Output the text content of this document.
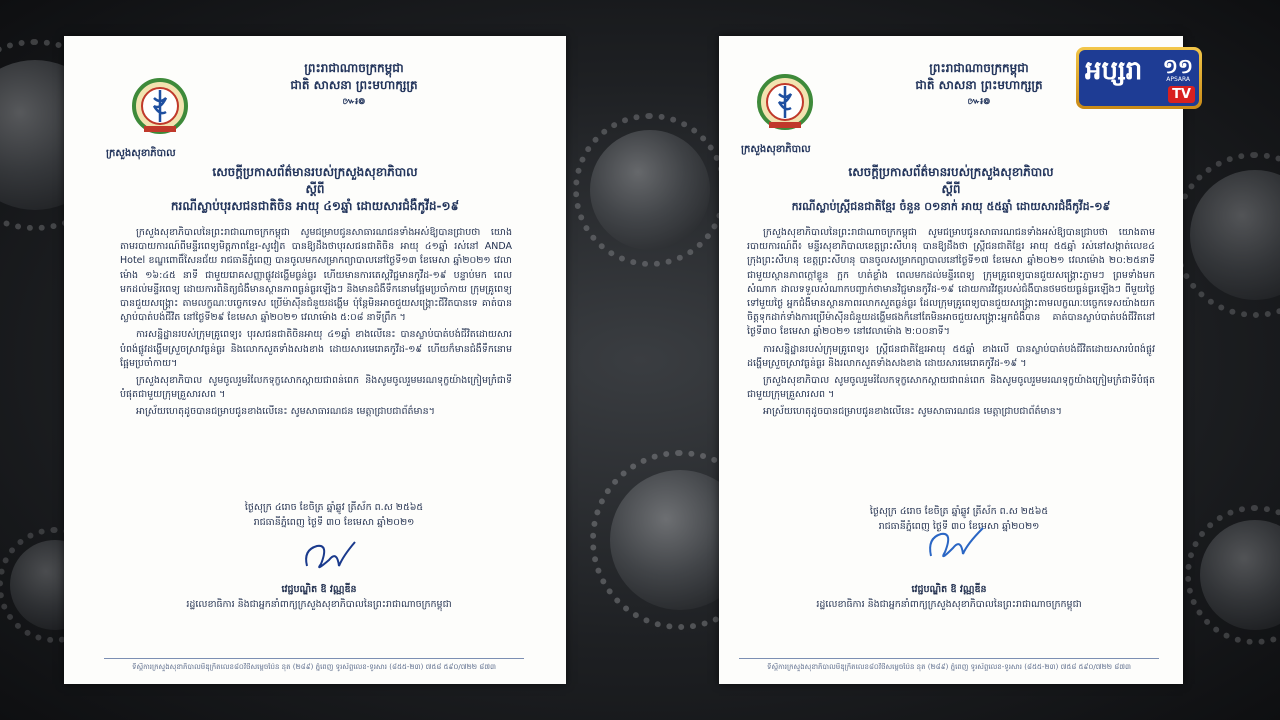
ក្រសួងសុខាភិបាល
ព្រះរាជាណាចក្រកម្ពុជា
ជាតិ សាសនា ព្រះមហាក្សត្រ
៚៛៙
សេចក្តីប្រកាសព័ត៌មានរបស់ក្រសួងសុខាភិបាល
ស្តីពី
ករណីស្លាប់បុរសជនជាតិចិន អាយុ ៤១ឆ្នាំ ដោយសារជំងឺកូវីដ-១៩

ក្រសួងសុខាភិបាលនៃព្រះរាជាណាចក្រកម្ពុជា សូមជម្រាបជូនសាធារណជនទាំងអស់ឱ្យបានជ្រាបថា យោងតាមរបាយការណ៍ពីមន្ទីរពេទ្យមិត្តភាពខ្មែរ-សូវៀត បានឱ្យដឹងថាបុរសជនជាតិចិន អាយុ ៤១ឆ្នាំ រស់នៅ ANDA Hotel ខណ្ឌពោធិ៍សែនជ័យ រាជធានីភ្នំពេញ បានចូលមកសម្រាកព្យាបាលនៅថ្ងៃទី១៣ ខែមេសា ឆ្នាំ២០២១ វេលាម៉ោង ១៦:៤៥ នាទី ជាមួយរោគសញ្ញាផ្លូវដង្ហើមធ្ងន់ធ្ងរ ហើយមានការតេស្តវិជ្ជមានកូវីដ-១៩ បន្ទាប់មក ពេលមកដល់មន្ទីរពេទ្យ ដោយការពិនិត្យជំងឺមានស្ថានភាពធ្ងន់ធ្ងរឡើងៗ និងមានជំងឺទឹកនោមផ្អែមប្រចាំកាយ ក្រុមគ្រូពេទ្យបានជួយសង្គ្រោះ តាមលក្ខណៈបច្ចេកទេស ប្រើម៉ាស៊ីនជំនួយដង្ហើម ប៉ុន្តែមិនអាចជួយសង្គ្រោះជីវិតបានទេ គាត់បានស្លាប់បាត់បង់ជីវិត នៅថ្ងៃទី២៩ ខែមេសា ឆ្នាំ២០២១ វេលាម៉ោង ៥:០៨ នាទីព្រឹក ។

ការសន្និដ្ឋានរបស់ក្រុមគ្រូពេទ្យ៖ បុរសជនជាតិចិនអាយុ ៤១ឆ្នាំ ខាងលើនេះ បានស្លាប់បាត់បង់ជីវិតដោយសារបំពង់ផ្លូវដង្ហើមស្រួចស្រាវធ្ងន់ធ្ងរ និងលោកសួតទាំងសងខាង ដោយសារមេរោគកូវីដ-១៩ ហើយក៏មានជំងឺទឹកនោមផ្អែមប្រចាំកាយ។

ក្រសួងសុខាភិបាល សូមចូលរួមរំលែកទុក្ខសោកស្តាយជាពន់ពេក និងសូមចូលរួមមរណទុក្ខយ៉ាងក្រៀមក្រំជាទីបំផុតជាមួយក្រុមគ្រួសារសព ។

អាស្រ័យហេតុដូចបានជម្រាបជូនខាងលើនេះ សូមសាធារណជន មេត្តាជ្រាបជាព័ត៌មាន។

ថ្ងៃសុក្រ ៤រោច ខែចិត្រ ឆ្នាំឆ្លូវ ត្រីស័ក ព.ស ២៥៦៥
រាជធានីភ្នំពេញ ថ្ងៃទី ៣០ ខែមេសា ឆ្នាំ២០២១
វេជ្ជបណ្ឌិត ឱ វណ្ណឌីន
រដ្ឋលេខាធិការ និងជាអ្នកនាំពាក្យក្រសួងសុខាភិបាលនៃព្រះរាជាណាចក្រកម្ពុជា
ទីស្តីការក្រសួងសុខាភិបាលមីឌុក្រីតលេខ៨០វិថីសម្តេចប៉ែន នុត (២៨៩) ភ្នំពេញ ទូរស័ព្ទលេខ-ទូរសារ (៨៥៥-២៣) ៧៥៨ ៥៩០/៧២២ ៨៧៣
ក្រសួងសុខាភិបាល
ព្រះរាជាណាចក្រកម្ពុជា
ជាតិ សាសនា ព្រះមហាក្សត្រ
៚៛៙
សេចក្តីប្រកាសព័ត៌មានរបស់ក្រសួងសុខាភិបាល
ស្តីពី
ករណីស្លាប់ស្ត្រីជនជាតិខ្មែរ ចំនួន ០១នាក់ អាយុ ៥៥ឆ្នាំ ដោយសារជំងឺកូវីដ-១៩

ក្រសួងសុខាភិបាលនៃព្រះរាជាណាចក្រកម្ពុជា សូមជម្រាបជូនសាធារណជនទាំងអស់ឱ្យបានជ្រាបថា យោងតាមរបាយការណ៍ពី៖ មន្ទីរសុខាភិបាលខេត្តព្រះសីហនុ បានឱ្យដឹងថា ស្ត្រីជនជាតិខ្មែរ អាយុ ៥៥ឆ្នាំ រស់នៅសង្កាត់លេខ៤ ក្រុងព្រះសីហនុ ខេត្តព្រះសីហនុ បានចូលសម្រាកព្យាបាលនៅថ្ងៃទី១៧ ខែមេសា ឆ្នាំ២០២១ វេលាម៉ោង ២០:២៥នាទី ជាមួយស្ថានភាពក្ដៅខ្លួន ក្អក ហត់ខ្លាំង ពេលមកដល់មន្ទីរពេទ្យ ក្រុមគ្រូពេទ្យបានជួយសង្គ្រោះភ្លាមៗ ព្រមទាំងមកសំណាក ដាលទទួលសំណាកបញ្ជាក់ថាមានវិជ្ជមានកូវីដ-១៩ ដោយការវិវត្តរបស់ជំងឺបានថមថយធ្ងន់ធ្ងរឡើងៗ ពីមួយថ្ងៃទៅមួយថ្ងៃ អ្នកជំងឺមានស្ថានភាពរលាកសួតធ្ងន់ធ្ងរ ដែលក្រុមគ្រូពេទ្យបានជួយសង្គ្រោះតាមលក្ខណៈបច្ចេកទេសយ៉ាងយកចិត្តទុកដាក់ទាំងការប្រើម៉ាស៊ីនជំនួយដង្ហើមផងក៏នៅតែមិនអាចជួយសង្គ្រោះអ្នកជំងឺបាន គាត់បានស្លាប់បាត់បង់ជីវិតនៅថ្ងៃទី៣០ ខែមេសា ឆ្នាំ២០២១ នៅវេលាម៉ោង ២:០០នាទី។

ការសន្និដ្ឋានរបស់ក្រុមគ្រូពេទ្យ៖ ស្ត្រីជនជាតិខ្មែរអាយុ ៥៥ឆ្នាំ ខាងលើ បានស្លាប់បាត់បង់ជីវិតដោយសារបំពង់ផ្លូវដង្ហើមស្រួចស្រាវធ្ងន់ធ្ងរ និងរលាកសួតទាំងសងខាង ដោយសារមេរោគកូវីដ-១៩ ។

ក្រសួងសុខាភិបាល សូមចូលរួមរំលែកទុក្ខសោកស្តាយជាពន់ពេក និងសូមចូលរួមមរណទុក្ខយ៉ាងក្រៀមក្រំជាទីបំផុតជាមួយក្រុមគ្រួសារសព ។

អាស្រ័យហេតុដូចបានជម្រាបជូនខាងលើនេះ សូមសាធារណជន មេត្តាជ្រាបជាព័ត៌មាន។

ថ្ងៃសុក្រ ៤រោច ខែចិត្រ ឆ្នាំឆ្លូវ ត្រីស័ក ព.ស ២៥៦៥
រាជធានីភ្នំពេញ ថ្ងៃទី ៣០ ខែមេសា ឆ្នាំ២០២១
វេជ្ជបណ្ឌិត ឱ វណ្ណឌីន
រដ្ឋលេខាធិការ និងជាអ្នកនាំពាក្យក្រសួងសុខាភិបាលនៃព្រះរាជាណាចក្រកម្ពុជា
ទីស្តីការក្រសួងសុខាភិបាលមីឌុក្រីតលេខ៨០វិថីសម្តេចប៉ែន នុត (២៨៩) ភ្នំពេញ ទូរស័ព្ទលេខ-ទូរសារ (៨៥៥-២៣) ៧៥៨ ៥៩០/៧២២ ៨៧៣
អប្សរា ១១
APSARA
TV
